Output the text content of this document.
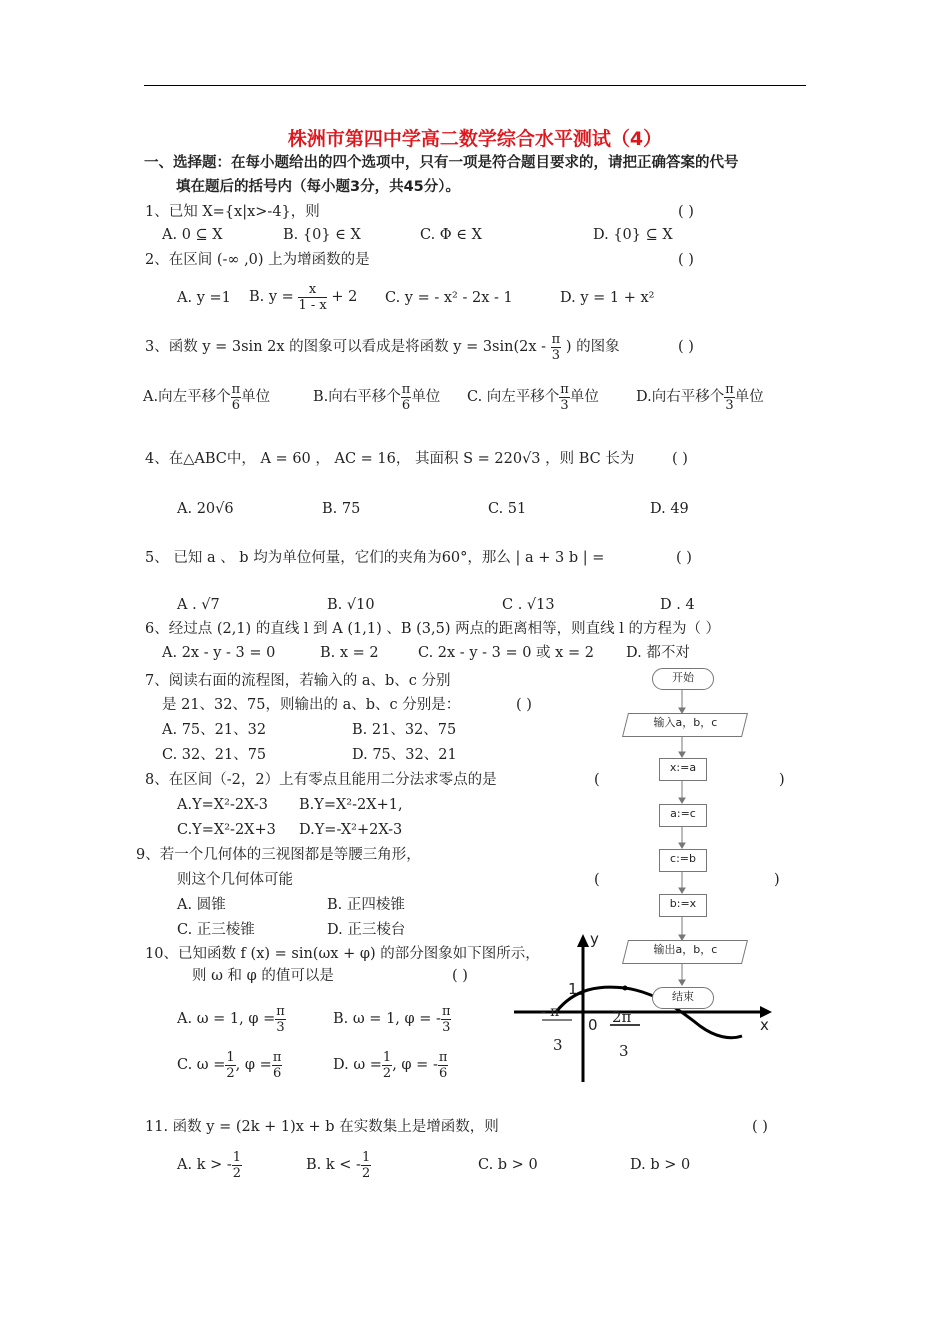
株洲市第四中学高二数学综合水平测试（4）
一、选择题：在每小题给出的四个选项中，只有一项是符合题目要求的，请把正确答案的代号
填在题后的括号内（每小题3分，共45分）。
1、已知 X={x|x>-4}，则	( )
A. 0 ⊆ X	B. {0} ∈ X	C. Φ ∈ X	D. {0} ⊆ X
2、在区间 (-∞ ,0) 上为增函数的是	( )
A. y =1 B. $y = \frac{x}{1 - x} + 2$ C. y = - x² - 2x - 1	D. y = 1 + x²
3、函数 y = 3sin 2x 的图象可以看成是将函数 $y = 3\sin(2x - \frac{\pi}{3}$ ) 的图象	( )
A.向左平移个 $\frac{\pi}{6}$ 单位	B.向右平移个 $\frac{\pi}{6}$ 单位 C. 向左平移个 $\frac{\pi}{3}$ 单位	D.向右平移个 $\frac{\pi}{3}$ 单位
4、在△ABC中， A = 60 ， AC = 16， 其面积 S = 220√3 ，则 BC 长为	( )
A. 20√6	B. 75	C. 51	D. 49
5、 已知 a 、 b 均为单位何量，它们的夹角为60°，那么 | a + 3 b | =	( )
A . √7	B. √10	C . √13	D . 4
6、经过点 (2,1) 的直线 l 到 A (1,1) 、B (3,5) 两点的距离相等，则直线 l 的方程为（ ）
A. 2x - y - 3 = 0	B. x = 2	C. 2x - y - 3 = 0 或 x = 2 D. 都不对
7、阅读右面的流程图，若输入的 a、b、c 分别
是 21、32、75，则输出的 a、b、c 分别是：	( )
A. 75、21、32	B. 21、32、75
C. 32、21、75	D. 75、32、21
8、在区间（-2，2）上有零点且能用二分法求零点的是	(	)
A.Y=X²-2X-3 B.Y=X²-2X+1,
C.Y=X²-2X+3 D.Y=-X²+2X-3
9、若一个几何体的三视图都是等腰三角形，
则这个几何体可能	(	)
A. 圆锥	B. 正四棱锥
C. 正三棱锥	D. 正三棱台
10、已知函数 f (x) = sin(ωx + φ) 的部分图象如下图所示，
则 ω 和 φ 的值可以是	( )
A. ω = 1, $\varphi = \frac{\pi}{3}$	B. ω = 1, φ = - $\frac{\pi}{3}$
C. $\omega = \frac{1}{2}$ , $\varphi = \frac{\pi}{6}$	D. $\omega = \frac{1}{2}$ , φ = - $\frac{\pi}{6}$
11. 函数 y = (2k + 1)x + b 在实数集上是增函数，则	( )
A. k > - $\frac{1}{2}$	B. k < - $\frac{1}{2}$	C. b > 0	D. b > 0
开始
输入a，b，c
x:=a
a:=c
c:=b
b:=x
输出a，b，c
结束
y
x
1
0
- π
3
2π
3
